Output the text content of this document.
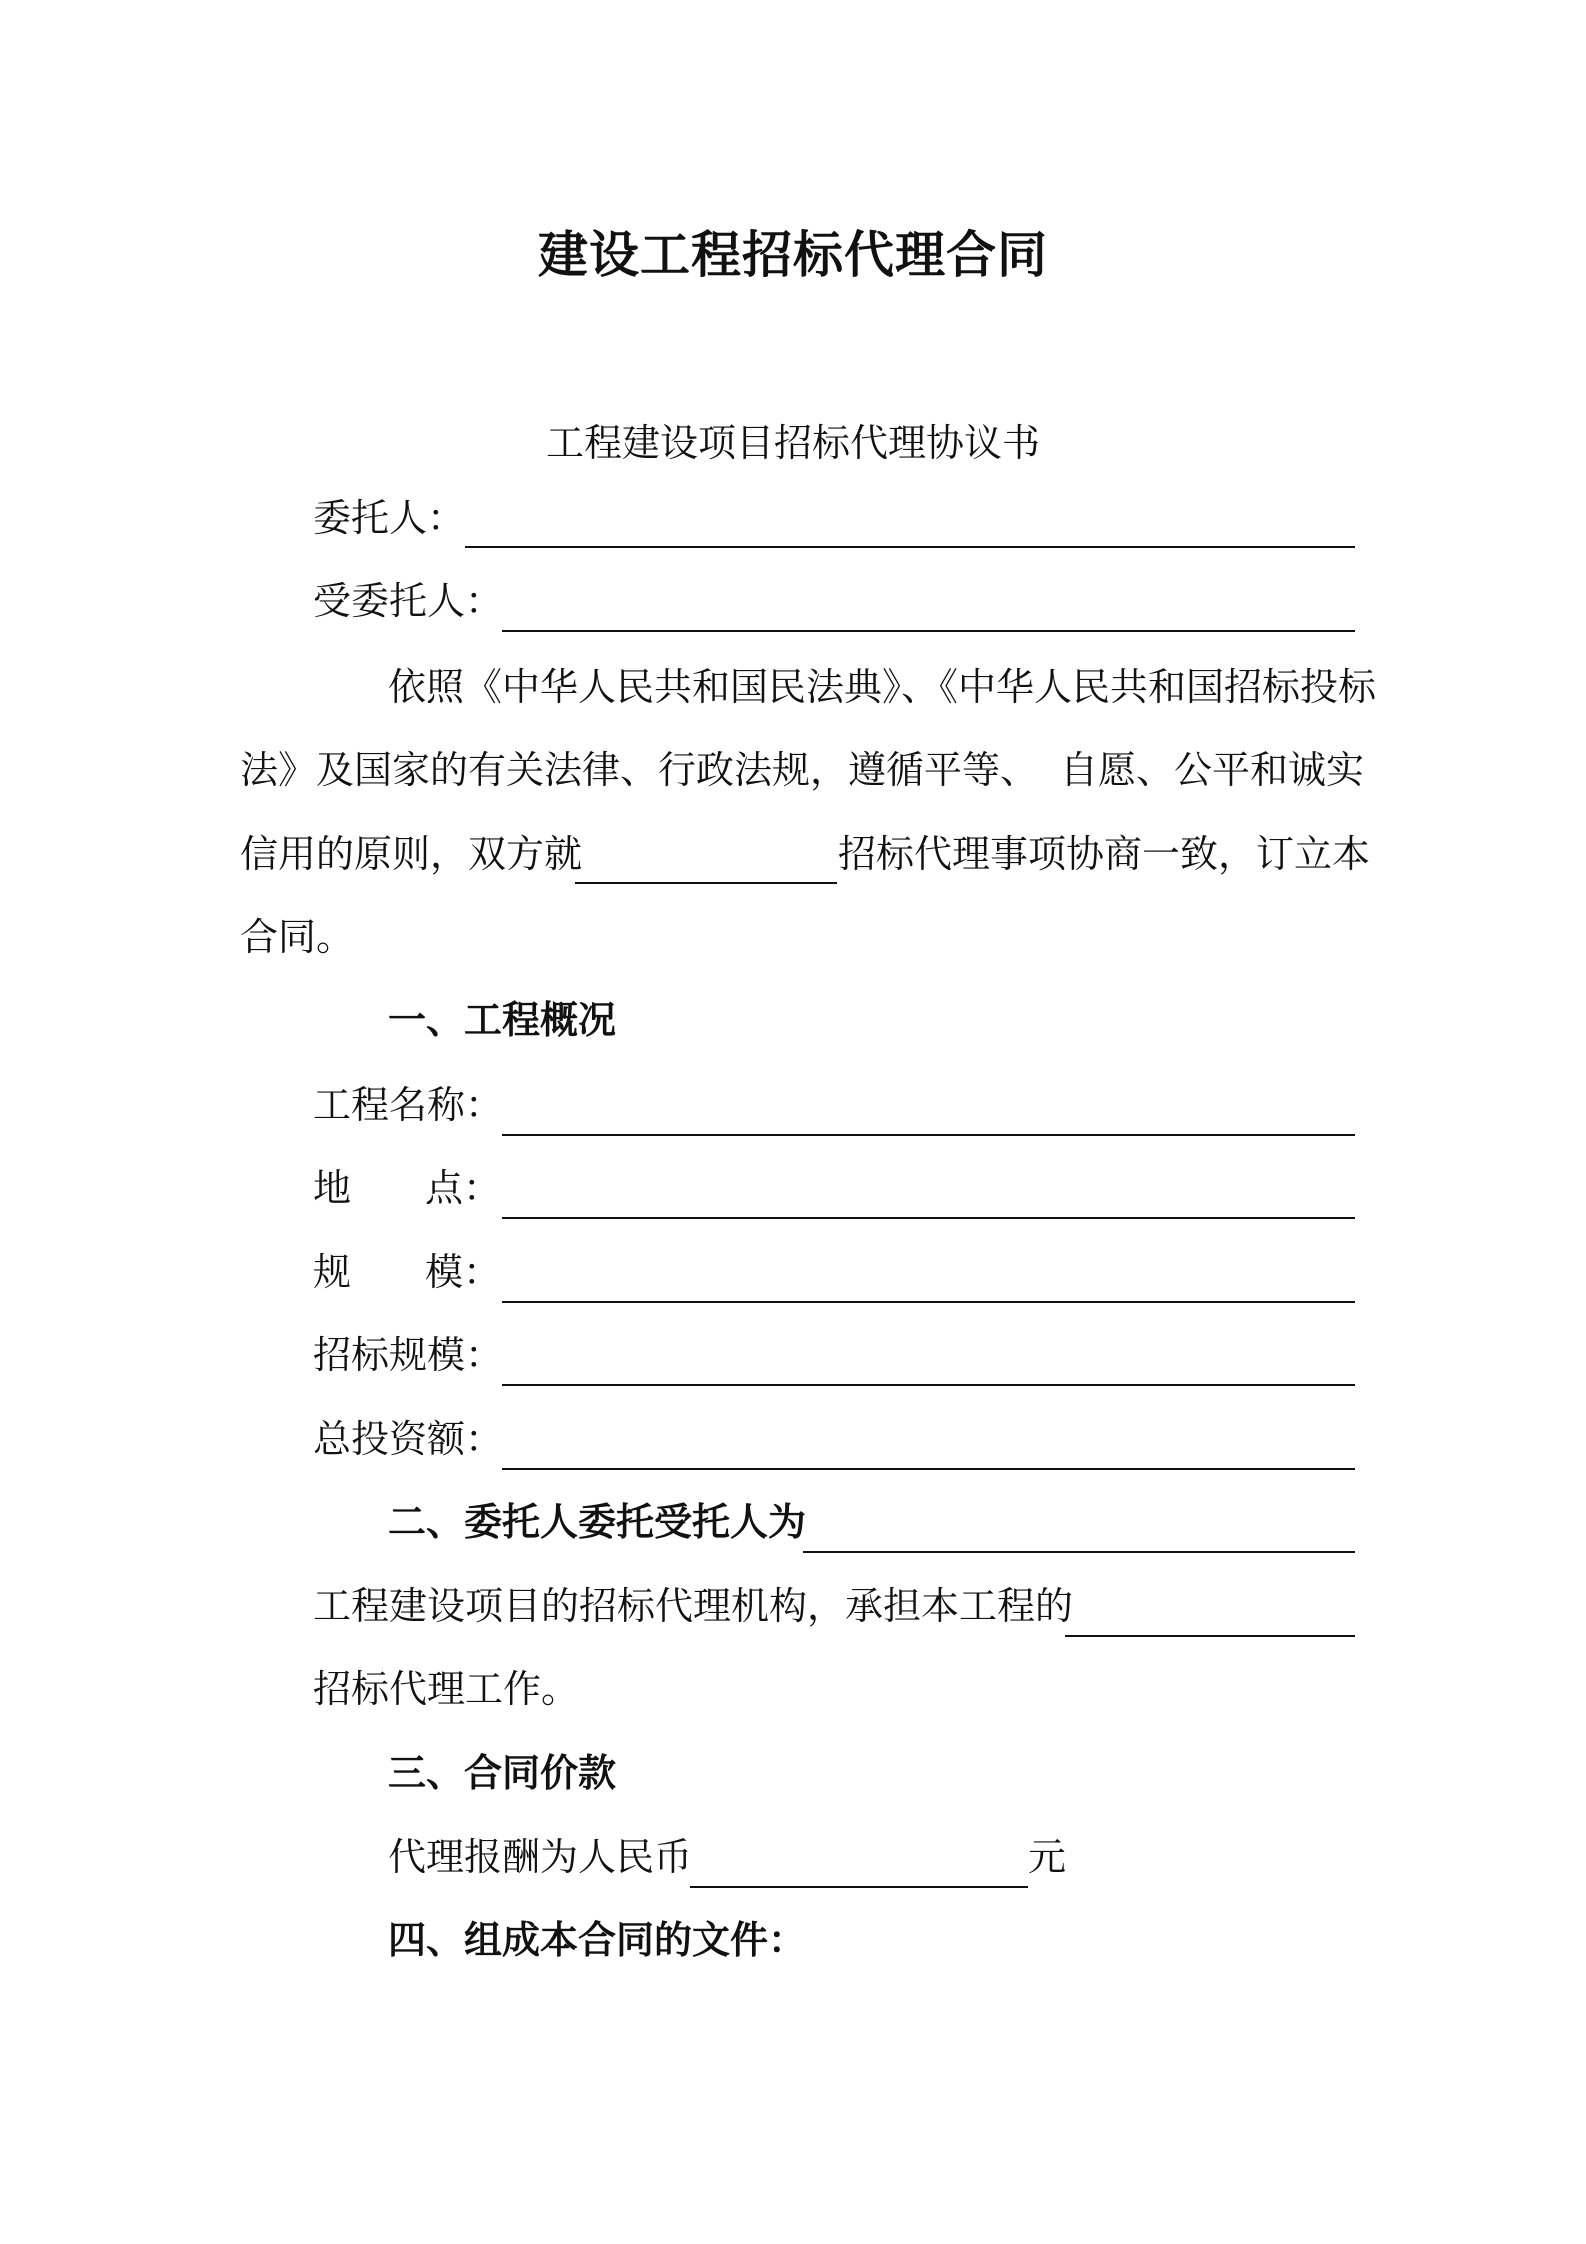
建设工程招标代理合同
工程建设项目招标代理协议书
委托人：
受委托人：
依照《中华人民共和国民法典》、《中华人民共和国招标投标
法》及国家的有关法律、行政法规，遵循平等、 自愿、公平和诚实
信用的原则，双方就	招标代理事项协商一致，订立本
合同。
一、工程概况
工程名称：
地 点：
规 模：
招标规模：
总投资额：
二、委托人委托受托人为
工程建设项目的招标代理机构，承担本工程的
招标代理工作。
三、合同价款
代理报酬为人民币	元
四、组成本合同的文件：
